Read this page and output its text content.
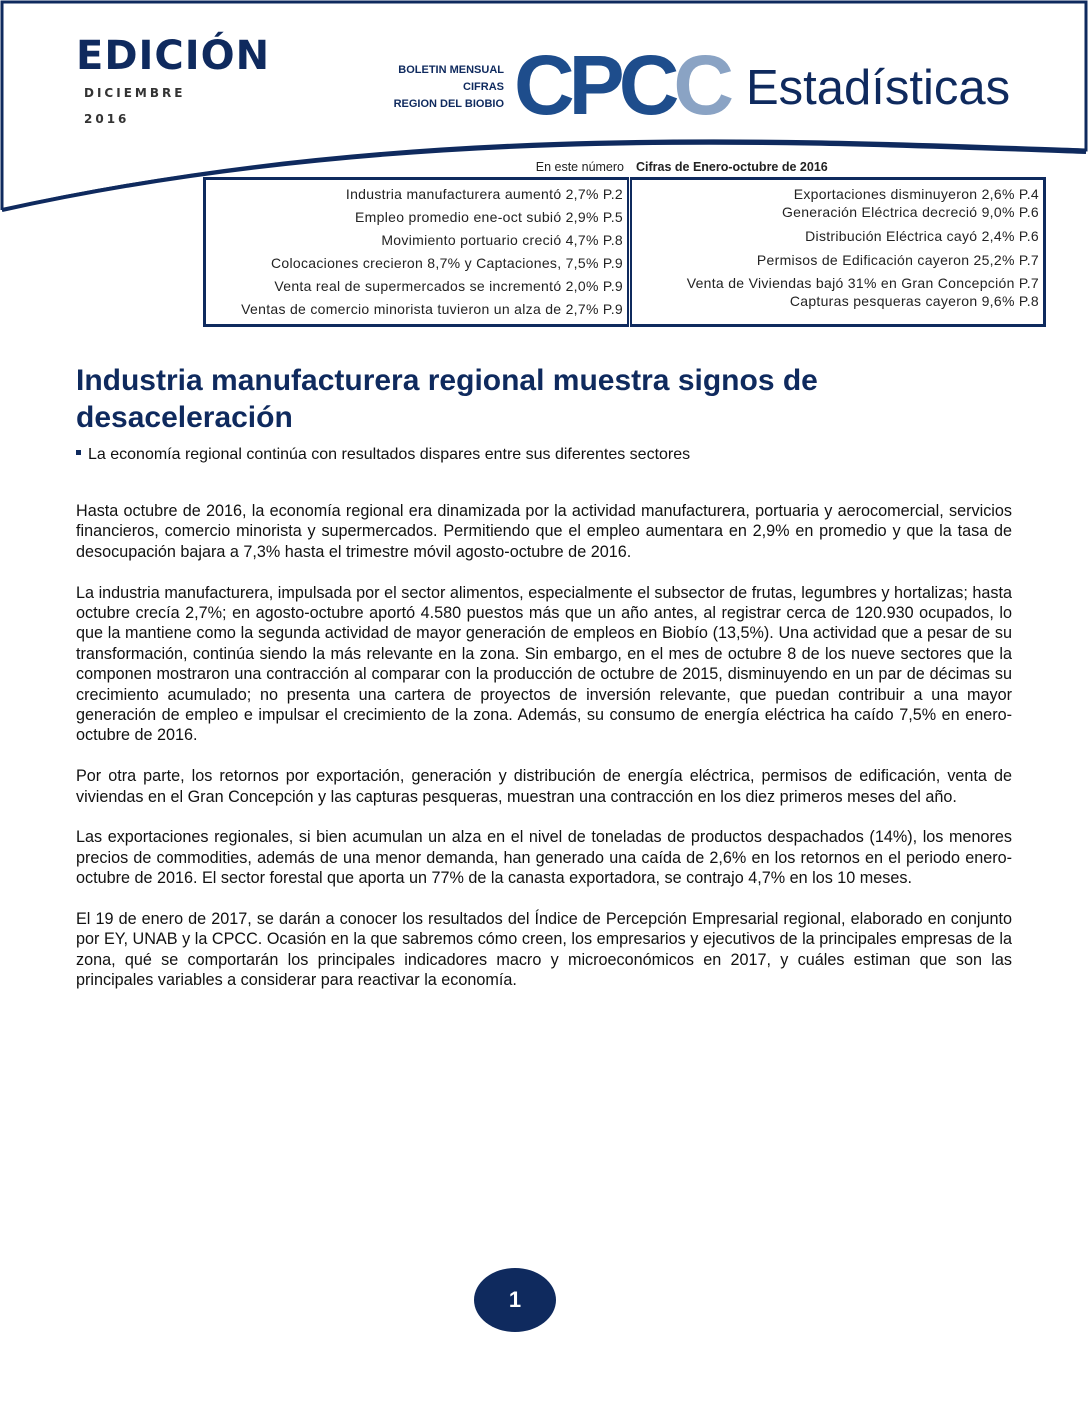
EDICIÓN
DICIEMBRE
2016
BOLETIN MENSUAL
CIFRAS
REGION DEL BIOBIO CPCC Estadísticas
En este número Cifras de Enero-octubre de 2016
Industria manufacturera aumentó 2,7% P.2
Empleo promedio ene-oct subió 2,9% P.5
Movimiento portuario creció 4,7% P.8
Colocaciones crecieron 8,7% y Captaciones, 7,5% P.9
Venta real de supermercados se incrementó 2,0% P.9
Ventas de comercio minorista tuvieron un alza de 2,7% P.9
Exportaciones disminuyeron 2,6% P.4
Generación Eléctrica decreció 9,0% P.6
Distribución Eléctrica cayó 2,4% P.6
Permisos de Edificación cayeron 25,2% P.7
Venta de Viviendas bajó 31% en Gran Concepción P.7
Capturas pesqueras cayeron 9,6% P.8
Industria manufacturera regional muestra signos de desaceleración
La economía regional continúa con resultados dispares entre sus diferentes sectores

Hasta octubre de 2016, la economía regional era dinamizada por la actividad manufacturera, portuaria y aerocomercial, servicios financieros, comercio minorista y supermercados. Permitiendo que el empleo aumentara en 2,9% en promedio y que la tasa de desocupación bajara a 7,3% hasta el trimestre móvil agosto-octubre de 2016.

La industria manufacturera, impulsada por el sector alimentos, especialmente el subsector de frutas, legumbres y hortalizas; hasta octubre crecía 2,7%; en agosto-octubre aportó 4.580 puestos más que un año antes, al registrar cerca de 120.930 ocupados, lo que la mantiene como la segunda actividad de mayor generación de empleos en Biobío (13,5%). Una actividad que a pesar de su transformación, continúa siendo la más relevante en la zona. Sin embargo, en el mes de octubre 8 de los nueve sectores que la componen mostraron una contracción al comparar con la producción de octubre de 2015, disminuyendo en un par de décimas su crecimiento acumulado; no presenta una cartera de proyectos de inversión relevante, que puedan contribuir a una mayor generación de empleo e impulsar el crecimiento de la zona. Además, su consumo de energía eléctrica ha caído 7,5% en enero-octubre de 2016.

Por otra parte, los retornos por exportación, generación y distribución de energía eléctrica, permisos de edificación, venta de viviendas en el Gran Concepción y las capturas pesqueras, muestran una contracción en los diez primeros meses del año.

Las exportaciones regionales, si bien acumulan un alza en el nivel de toneladas de productos despachados (14%), los menores precios de commodities, además de una menor demanda, han generado una caída de 2,6% en los retornos en el periodo enero-octubre de 2016. El sector forestal que aporta un 77% de la canasta exportadora, se contrajo 4,7% en los 10 meses.

El 19 de enero de 2017, se darán a conocer los resultados del Índice de Percepción Empresarial regional, elaborado en conjunto por EY, UNAB y la CPCC. Ocasión en la que sabremos cómo creen, los empresarios y ejecutivos de la principales empresas de la zona, qué se comportarán los principales indicadores macro y microeconómicos en 2017, y cuáles estiman que son las principales variables a considerar para reactivar la economía.

1
